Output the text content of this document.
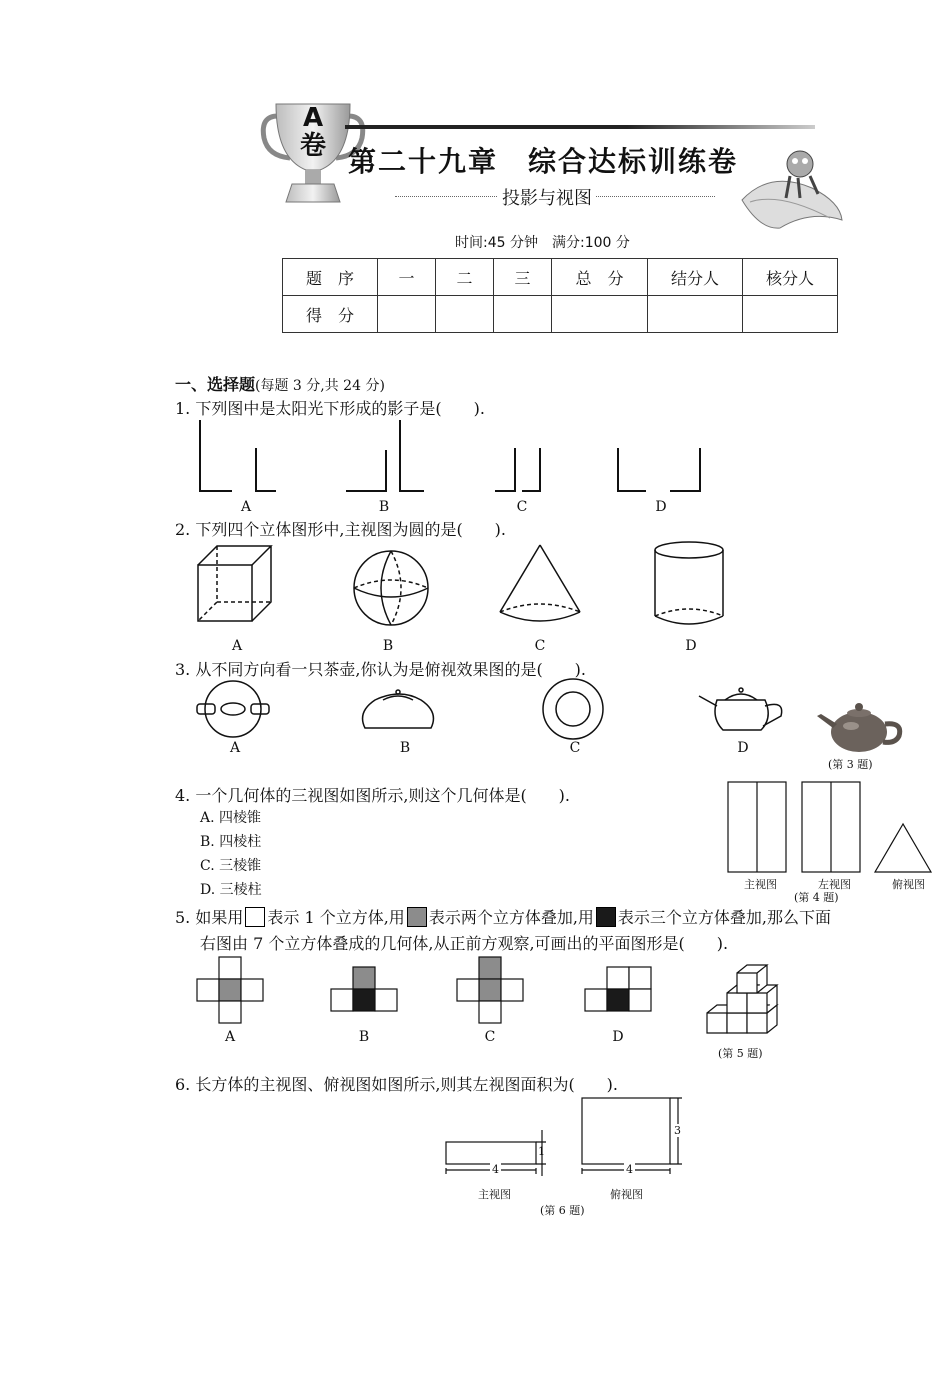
A
卷 第二十九章　综合达标训练卷
投影与视图
时间:45 分钟　满分:100 分
题　序	一	二	三	总　分	结分人	核分人
得　分						
一、选择题(每题 3 分,共 24 分)
1. 下列图中是太阳光下形成的影子是(　　).
A	B	C	D
2. 下列四个立体图形中,主视图为圆的是(　　).
A	B	C	D
3. 从不同方向看一只茶壶,你认为是俯视效果图的是(　　).
A	B	C	D
(第 3 题)
4. 一个几何体的三视图如图所示,则这个几何体是(　　).
A. 四棱锥
B. 四棱柱
C. 三棱锥
D. 三棱柱	主视图	左视图	俯视图
(第 4 题)
5. 如果用 表示 1 个立方体,用 表示两个立方体叠加,用 表示三个立方体叠加,那么下面
右图由 7 个立方体叠成的几何体,从正前方观察,可画出的平面图形是(　　).
A	B	C	D
(第 5 题)
6. 长方体的主视图、俯视图如图所示,则其左视图面积为(　　).
1
4
3
4
主视图	俯视图
(第 6 题)
